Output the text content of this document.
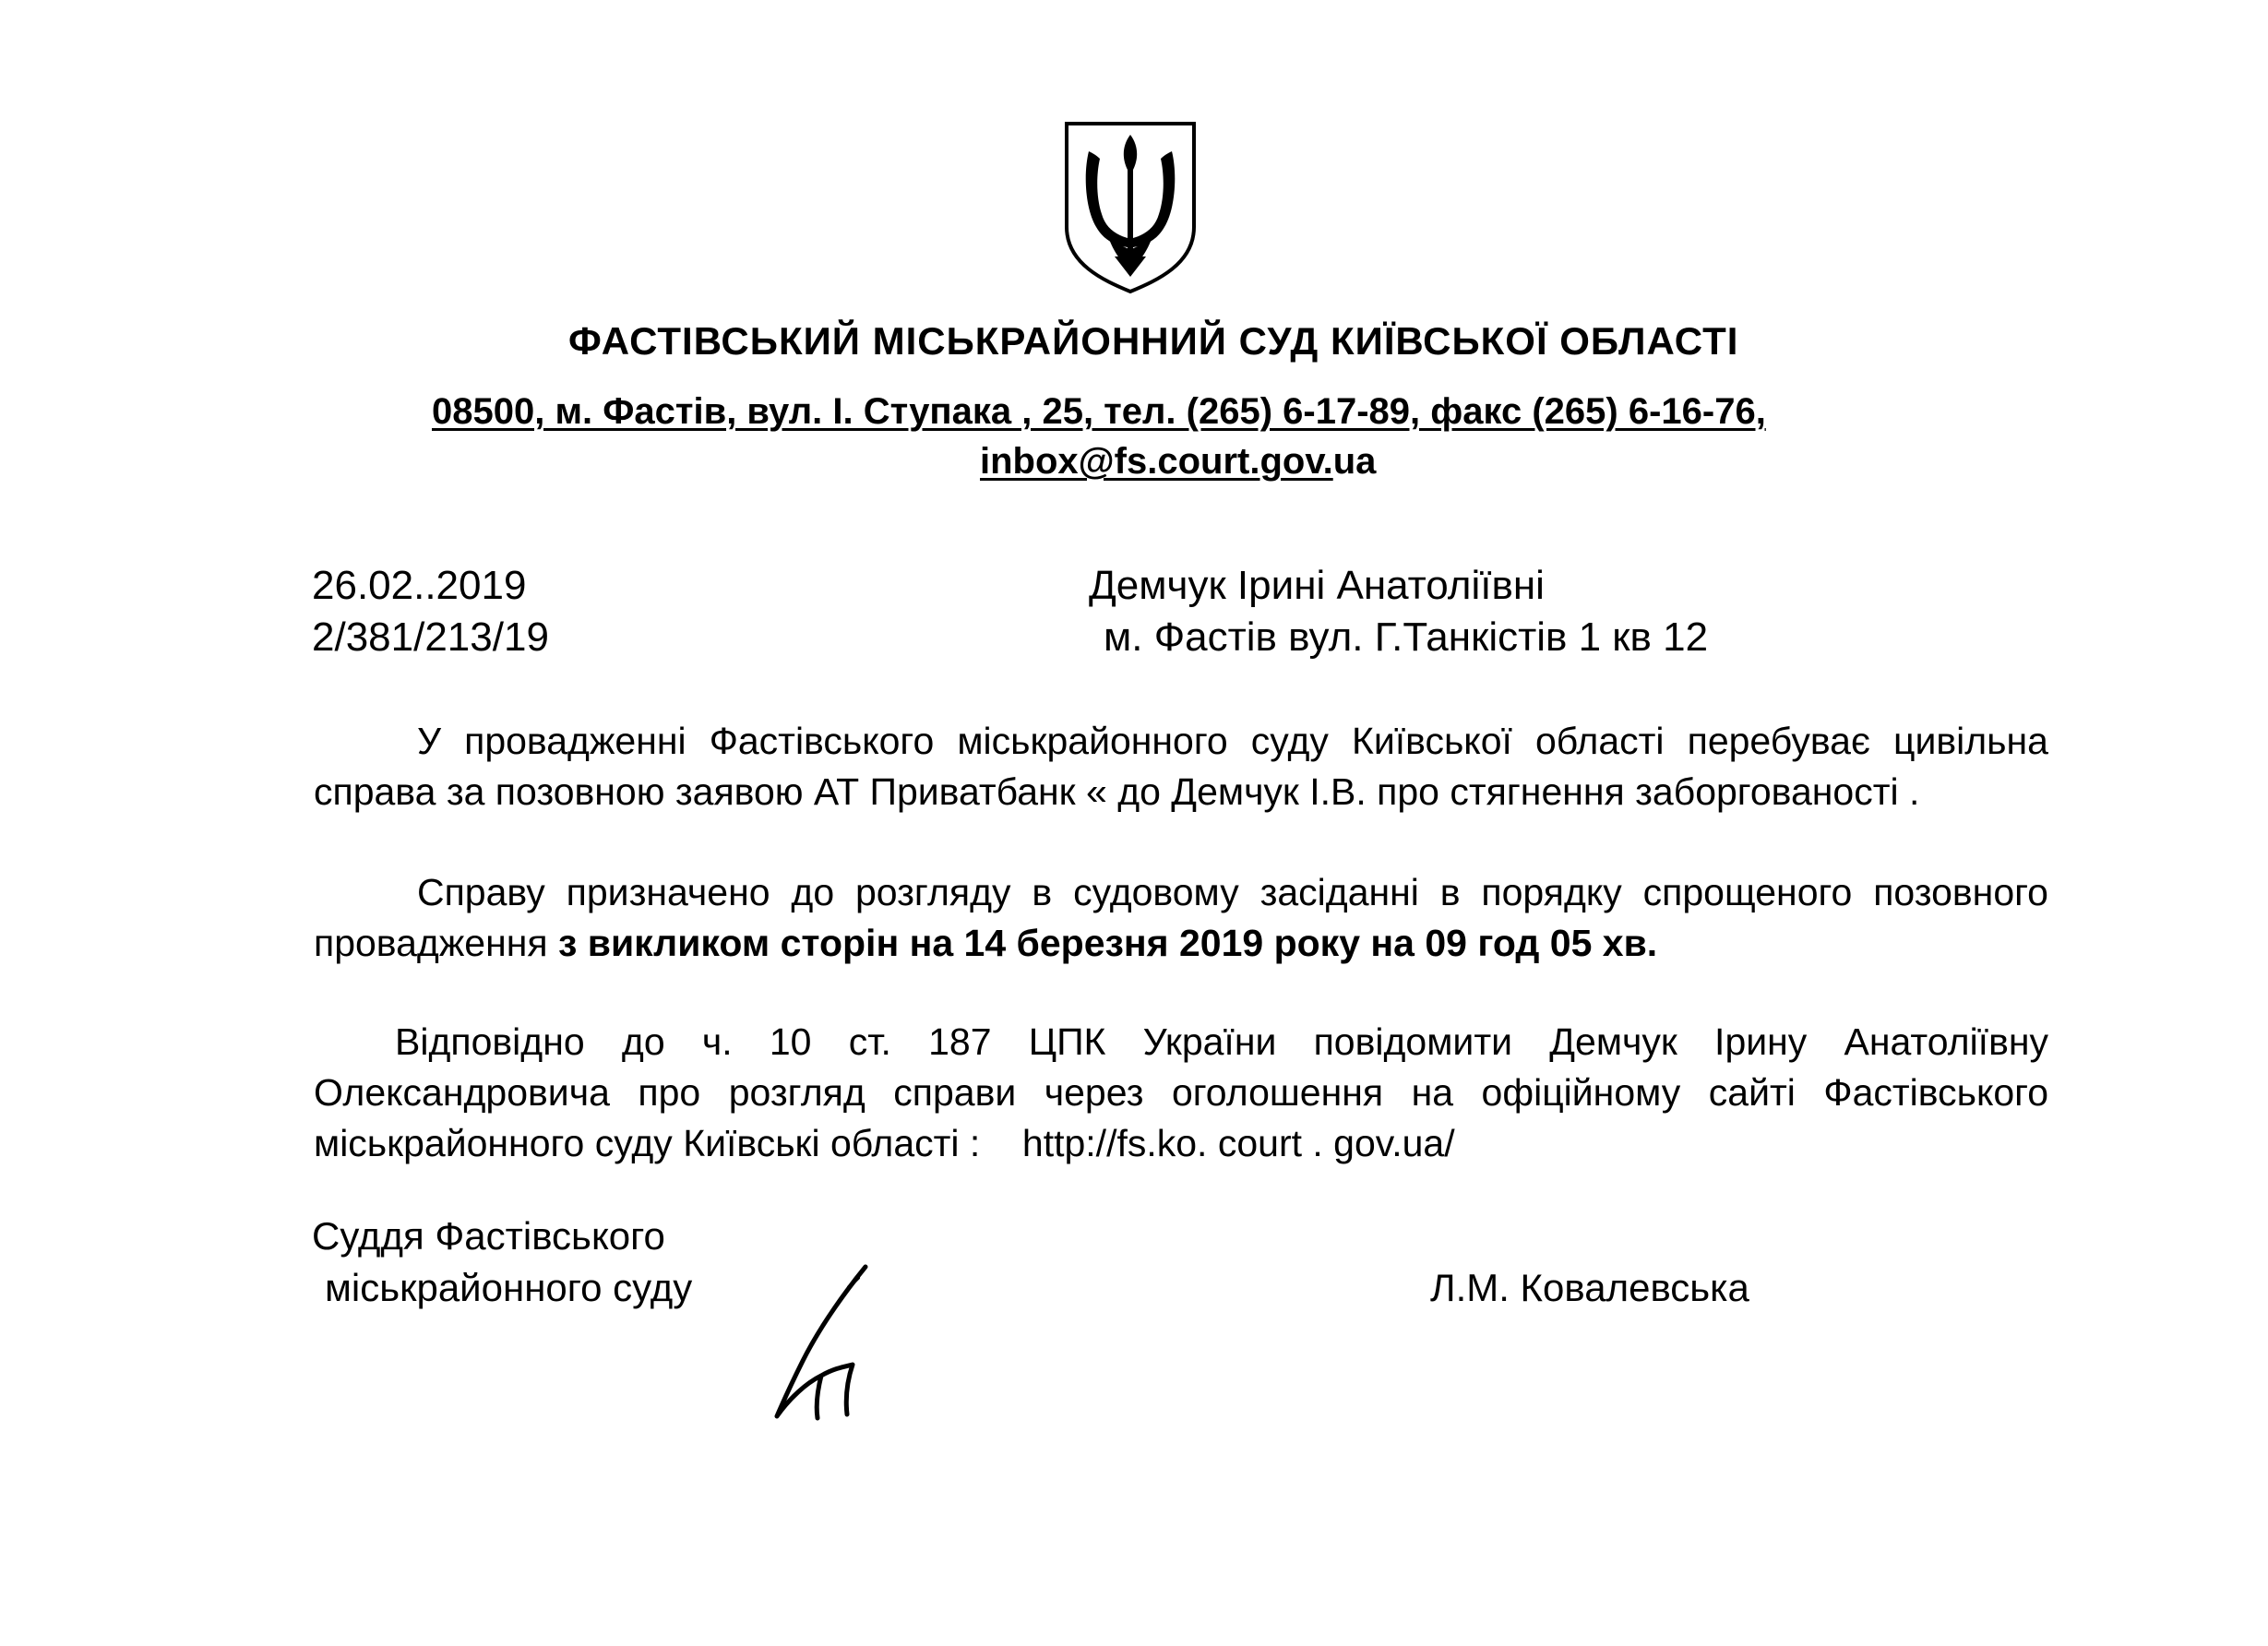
ФАСТІВСЬКИЙ МІСЬКРАЙОННИЙ СУД КИЇВСЬКОЇ ОБЛАСТІ
08500, м. Фастів, вул. І. Ступака , 25, тел. (265) 6-17-89, факс (265) 6-16-76,
inbox@fs.court.gov.ua
26.02..2019
2/381/213/19
Демчук Ірині Анатоліївні
м. Фастів вул. Г.Танкістів 1 кв 12
У провадженні Фастівського міськрайонного суду Київської області перебуває цивільна справа за позовною заявою АТ Приватбанк « до Демчук І.В. про стягнення заборгованості .
Справу призначено до розгляду в судовому засіданні в порядку спрощеного позовного провадження з викликом сторін на 14 березня 2019 року на 09 год 05 хв.
Відповідно до ч. 10 ст. 187 ЦПК України повідомити Демчук Ірину Анатоліївну Олександровича про розгляд справи через оголошення на офіційному сайті Фастівського міськрайонного суду Київські області : http://fs.ko. court . gov.ua/
Суддя Фастівського
міськрайонного суду	Л.М. Ковалевська
